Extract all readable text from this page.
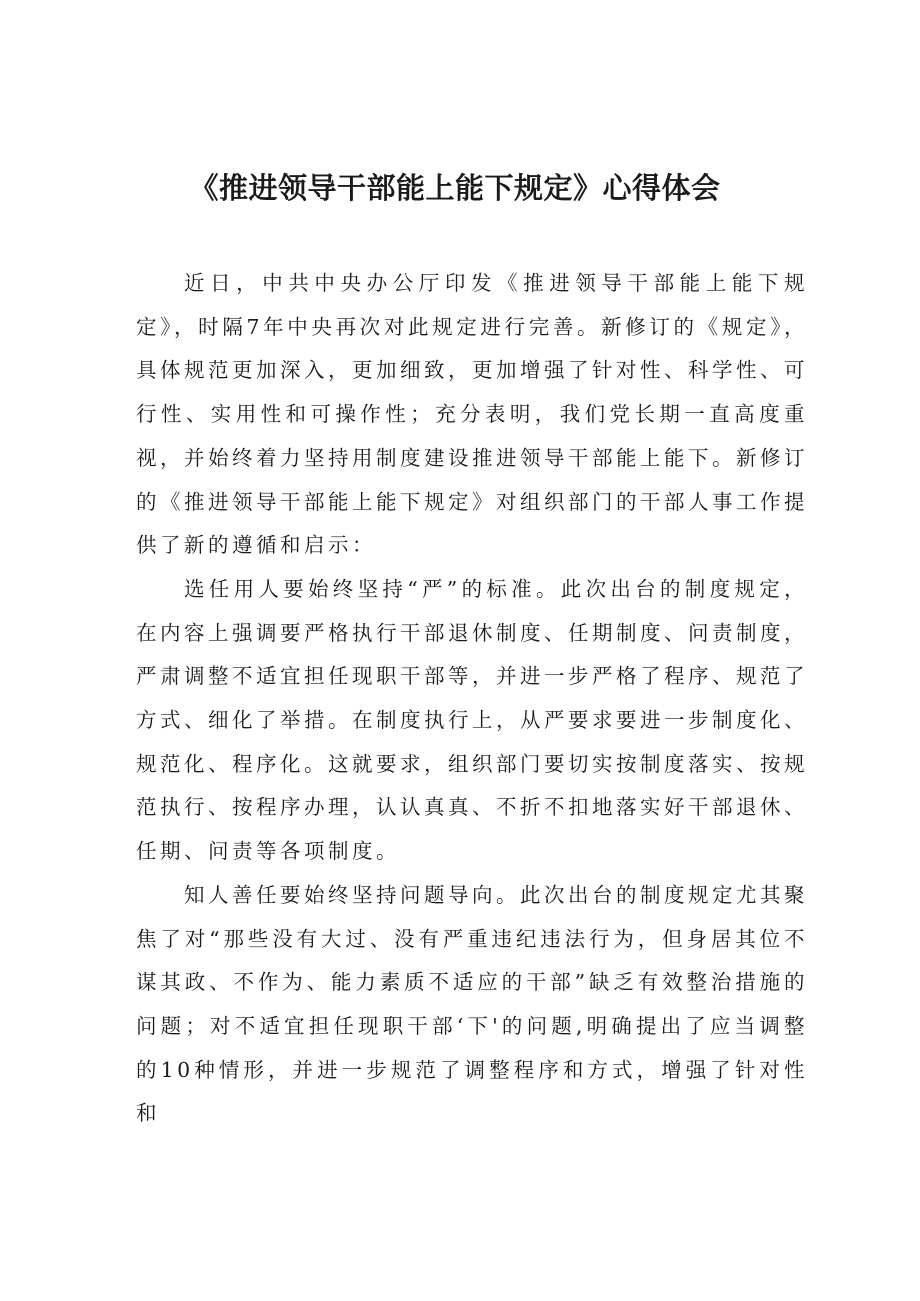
《推进领导干部能上能下规定》心得体会

近日，中共中央办公厅印发《推进领导干部能上能下规定》，时隔7年中央再次对此规定进行完善。新修订的《规定》，具体规范更加深入，更加细致，更加增强了针对性、科学性、可行性、实用性和可操作性；充分表明，我们党长期一直高度重视，并始终着力坚持用制度建设推进领导干部能上能下。新修订的《推进领导干部能上能下规定》对组织部门的干部人事工作提供了新的遵循和启示：

选任用人要始终坚持“严”的标准。此次出台的制度规定，在内容上强调要严格执行干部退休制度、任期制度、问责制度，严肃调整不适宜担任现职干部等，并进一步严格了程序、规范了方式、细化了举措。在制度执行上，从严要求要进一步制度化、规范化、程序化。这就要求，组织部门要切实按制度落实、按规范执行、按程序办理，认认真真、不折不扣地落实好干部退休、任期、问责等各项制度。

知人善任要始终坚持问题导向。此次出台的制度规定尤其聚焦了对“那些没有大过、没有严重违纪违法行为，但身居其位不谋其政、不作为、能力素质不适应的干部”缺乏有效整治措施的问题；对不适宜担任现职干部‘下'的问题,明确提出了应当调整的10种情形，并进一步规范了调整程序和方式，增强了针对性和
